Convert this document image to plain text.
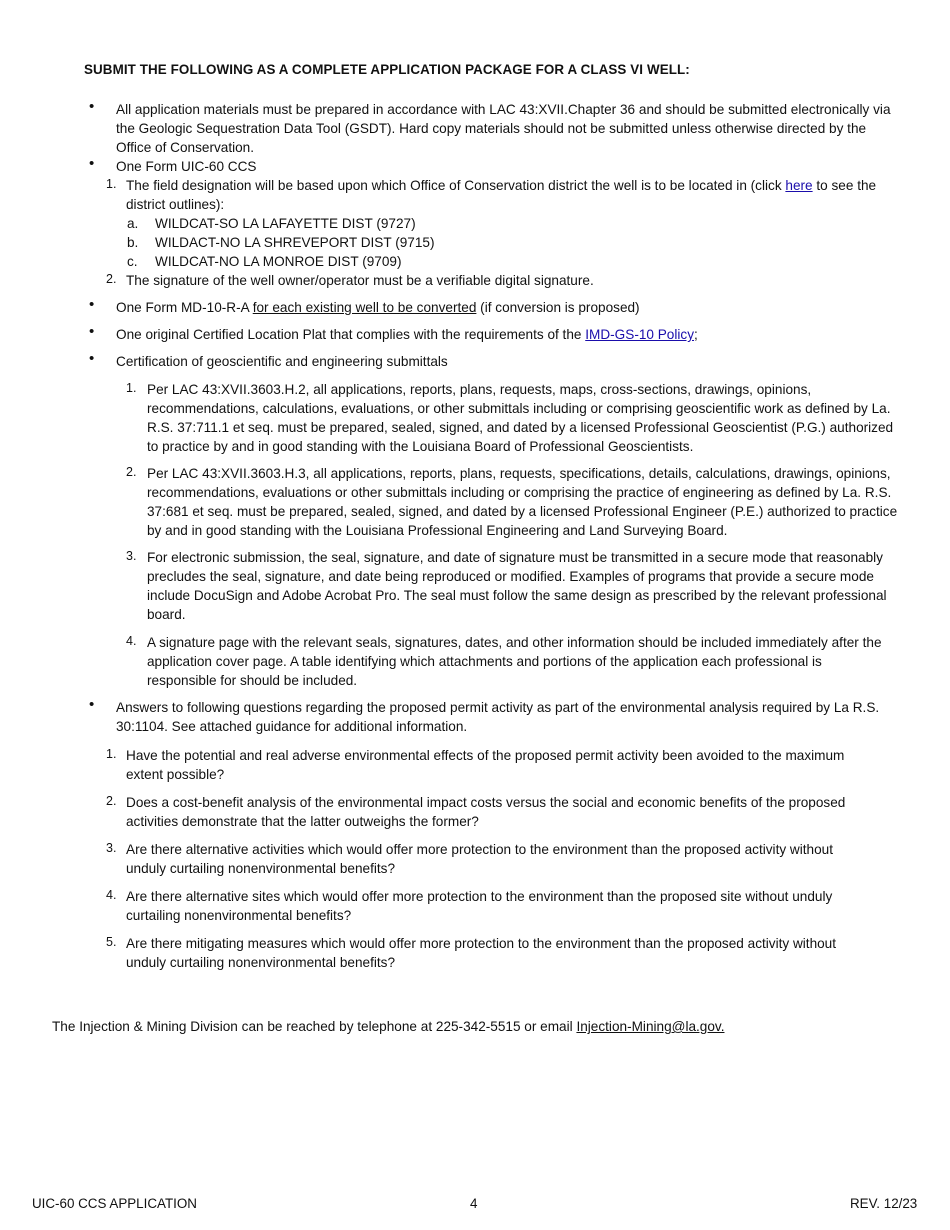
SUBMIT THE FOLLOWING AS A COMPLETE APPLICATION PACKAGE FOR A CLASS VI WELL:
•
All application materials must be prepared in accordance with LAC 43:XVII.Chapter 36 and should be submitted electronically via
the Geologic Sequestration Data Tool (GSDT). Hard copy materials should not be submitted unless otherwise directed by the
Office of Conservation.
•
One Form UIC-60 CCS
1. The field designation will be based upon which Office of Conservation district the well is to be located in (click here to see the
district outlines):
a. WILDCAT-SO LA LAFAYETTE DIST (9727)
b. WILDACT-NO LA SHREVEPORT DIST (9715)
c. WILDCAT-NO LA MONROE DIST (9709)
2. The signature of the well owner/operator must be a verifiable digital signature.
•
One Form MD-10-R-A for each existing well to be converted (if conversion is proposed)
•
One original Certified Location Plat that complies with the requirements of the IMD-GS-10 Policy;
•
Certification of geoscientific and engineering submittals
1. Per LAC 43:XVII.3603.H.2, all applications, reports, plans, requests, maps, cross-sections, drawings, opinions,
recommendations, calculations, evaluations, or other submittals including or comprising geoscientific work as defined by La.
R.S. 37:711.1 et seq. must be prepared, sealed, signed, and dated by a licensed Professional Geoscientist (P.G.) authorized
to practice by and in good standing with the Louisiana Board of Professional Geoscientists.
2. Per LAC 43:XVII.3603.H.3, all applications, reports, plans, requests, specifications, details, calculations, drawings, opinions,
recommendations, evaluations or other submittals including or comprising the practice of engineering as defined by La. R.S.
37:681 et seq. must be prepared, sealed, signed, and dated by a licensed Professional Engineer (P.E.) authorized to practice
by and in good standing with the Louisiana Professional Engineering and Land Surveying Board.
3. For electronic submission, the seal, signature, and date of signature must be transmitted in a secure mode that reasonably
precludes the seal, signature, and date being reproduced or modified. Examples of programs that provide a secure mode
include DocuSign and Adobe Acrobat Pro. The seal must follow the same design as prescribed by the relevant professional
board.
4. A signature page with the relevant seals, signatures, dates, and other information should be included immediately after the
application cover page. A table identifying which attachments and portions of the application each professional is
responsible for should be included.
•
Answers to following questions regarding the proposed permit activity as part of the environmental analysis required by La R.S.
30:1104. See attached guidance for additional information.
1. Have the potential and real adverse environmental effects of the proposed permit activity been avoided to the maximum
extent possible?
2. Does a cost-benefit analysis of the environmental impact costs versus the social and economic benefits of the proposed
activities demonstrate that the latter outweighs the former?
3. Are there alternative activities which would offer more protection to the environment than the proposed activity without
unduly curtailing nonenvironmental benefits?
4. Are there alternative sites which would offer more protection to the environment than the proposed site without unduly
curtailing nonenvironmental benefits?
5. Are there mitigating measures which would offer more protection to the environment than the proposed activity without
unduly curtailing nonenvironmental benefits?
The Injection & Mining Division can be reached by telephone at 225-342-5515 or email Injection-Mining@la.gov.
UIC-60 CCS APPLICATION	4	REV. 12/23
